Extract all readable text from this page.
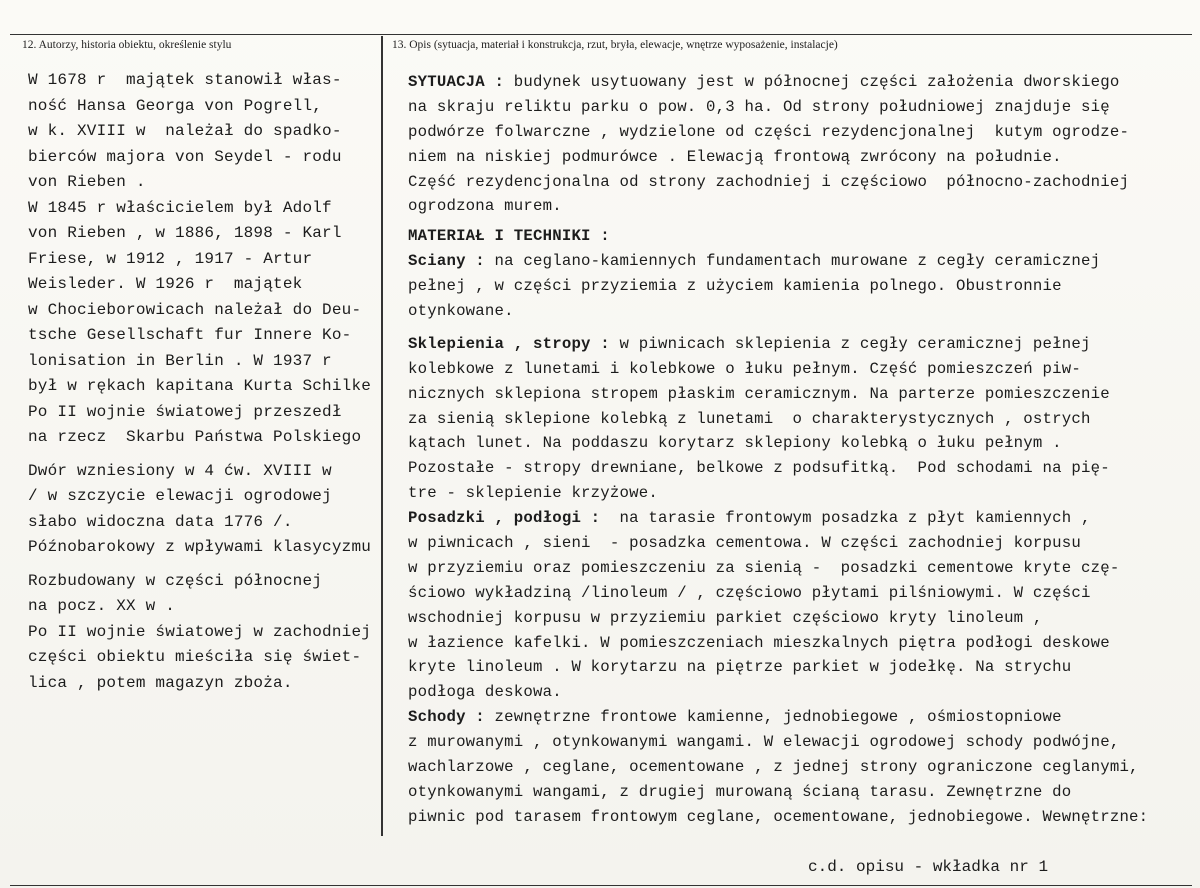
12. Autorzy, historia obiektu, określenie stylu	13. Opis (sytuacja, materiał i konstrukcja, rzut, bryła, elewacje, wnętrze wyposażenie, instalacje)
W 1678 r  majątek stanowił włas-
ność Hansa Georga von Pogrell,
w k. XVIII w  należał do spadko-
bierców majora von Seydel - rodu
von Rieben .
W 1845 r właścicielem był Adolf
von Rieben , w 1886, 1898 - Karl
Friese, w 1912 , 1917 - Artur
Weisleder. W 1926 r  majątek
w Chocieborowicach należał do Deu-
tsche Gesellschaft fur Innere Ko-
lonisation in Berlin . W 1937 r
był w rękach kapitana Kurta Schilke
Po II wojnie światowej przeszedł
na rzecz  Skarbu Państwa Polskiego
Dwór wzniesiony w 4 ćw. XVIII w
/ w szczycie elewacji ogrodowej
słabo widoczna data 1776 /.
Późnobarokowy z wpływami klasycyzmu
Rozbudowany w części północnej
na pocz. XX w .
Po II wojnie światowej w zachodniej
części obiektu mieściła się świet-
lica , potem magazyn zboża.
SYTUACJA : budynek usytuowany jest w północnej części założenia dworskiego
na skraju reliktu parku o pow. 0,3 ha. Od strony południowej znajduje się
podwórze folwarczne , wydzielone od części rezydencjonalnej  kutym ogrodze-
niem na niskiej podmurówce . Elewacją frontową zwrócony na południe.
Część rezydencjonalna od strony zachodniej i częściowo  północno-zachodniej
ogrodzona murem.
MATERIAŁ I TECHNIKI :
Sciany : na ceglano-kamiennych fundamentach murowane z cegły ceramicznej
pełnej , w części przyziemia z użyciem kamienia polnego. Obustronnie
otynkowane.
Sklepienia , stropy : w piwnicach sklepienia z cegły ceramicznej pełnej
kolebkowe z lunetami i kolebkowe o łuku pełnym. Część pomieszczeń piw-
nicznych sklepiona stropem płaskim ceramicznym. Na parterze pomieszczenie
za sienią sklepione kolebką z lunetami  o charakterystycznych , ostrych
kątach lunet. Na poddaszu korytarz sklepiony kolebką o łuku pełnym .
Pozostałe - stropy drewniane, belkowe z podsufitką.  Pod schodami na pię-
tre - sklepienie krzyżowe.
Posadzki , podłogi :  na tarasie frontowym posadzka z płyt kamiennych ,
w piwnicach , sieni  - posadzka cementowa. W części zachodniej korpusu
w przyziemiu oraz pomieszczeniu za sienią -  posadzki cementowe kryte czę-
ściowo wykładziną /linoleum / , częściowo płytami pilśniowymi. W części
wschodniej korpusu w przyziemiu parkiet częściowo kryty linoleum ,
w łazience kafelki. W pomieszczeniach mieszkalnych piętra podłogi deskowe
kryte linoleum . W korytarzu na piętrze parkiet w jodełkę. Na strychu
podłoga deskowa.
Schody : zewnętrzne frontowe kamienne, jednobiegowe , ośmiostopniowe
z murowanymi , otynkowanymi wangami. W elewacji ogrodowej schody podwójne,
wachlarzowe , ceglane, ocementowane , z jednej strony ograniczone ceglanymi,
otynkowanymi wangami, z drugiej murowaną ścianą tarasu. Zewnętrzne do
piwnic pod tarasem frontowym ceglane, ocementowane, jednobiegowe. Wewnętrzne:
c.d. opisu - wkładka nr 1
